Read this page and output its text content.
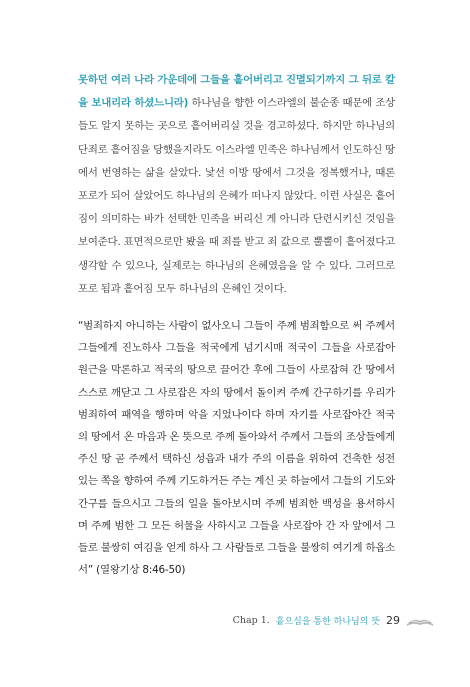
못하던 여러 나라 가운데에 그들을 흩어버리고 진멸되기까지 그 뒤로 칼을 보내리라 하셨느니라) 하나님을 향한 이스라엘의 불순종 때문에 조상들도 알지 못하는 곳으로 흩어버리실 것을 경고하셨다. 하지만 하나님의 단죄로 흩어짐을 당했을지라도 이스라엘 민족은 하나님께서 인도하신 땅에서 번영하는 삶을 살았다. 낯선 이방 땅에서 그것을 정복했거나, 때론 포로가 되어 살았어도 하나님의 은혜가 떠나지 않았다. 이런 사실은 흩어짐이 의미하는 바가 선택한 민족을 버리신 게 아니라 단련시키신 것임을 보여준다. 표면적으로만 봤을 때 죄를 받고 죄 값으로 뿔뿔이 흩어졌다고 생각할 수 있으나, 실제로는 하나님의 은혜였음을 알 수 있다. 그러므로 포로 됨과 흩어짐 모두 하나님의 은혜인 것이다.

“범죄하지 아니하는 사람이 없사오니 그들이 주께 범죄함으로 써 주께서 그들에게 진노하사 그들을 적국에게 넘기시매 적국이 그들을 사로잡아 원근을 막론하고 적국의 땅으로 끌어간 후에 그들이 사로잡혀 간 땅에서 스스로 깨닫고 그 사로잡은 자의 땅에서 돌이켜 주께 간구하기를 우리가 범죄하여 패역을 행하며 악을 지었나이다 하며 자기를 사로잡아간 적국의 땅에서 온 마음과 온 뜻으로 주께 돌아와서 주께서 그들의 조상들에게 주신 땅 곧 주께서 택하신 성읍과 내가 주의 이름을 위하여 건축한 성전 있는 쪽을 향하여 주께 기도하거든 주는 계신 곳 하늘에서 그들의 기도와 간구를 들으시고 그들의 일을 돌아보시며 주께 범죄한 백성을 용서하시며 주께 범한 그 모든 허물을 사하시고 그들을 사로잡아 간 자 앞에서 그들로 불쌍히 여김을 얻게 하사 그 사람들로 그들을 불쌍히 여기게 하옵소서” (열왕기상 8:46-50)

Chap 1. 흩으심을 통한 하나님의 뜻 29
